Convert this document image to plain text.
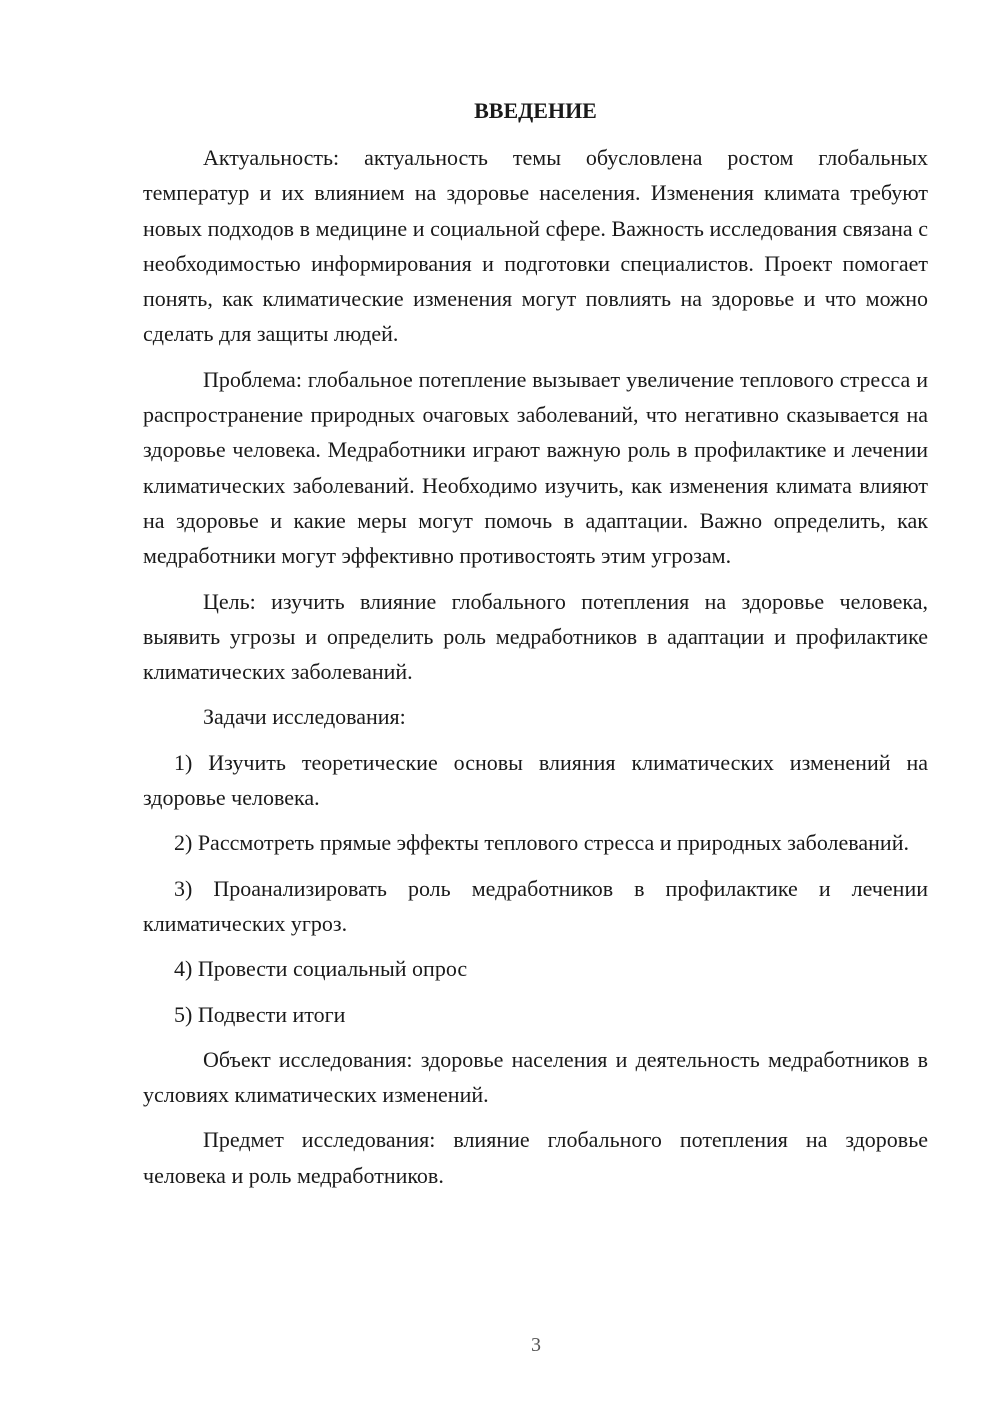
ВВЕДЕНИЕ

Актуальность: актуальность темы обусловлена ростом глобальных температур и их влиянием на здоровье населения. Изменения климата требуют новых подходов в медицине и социальной сфере. Важность исследования связана с необходимостью информирования и подготовки специалистов. Проект помогает понять, как климатические изменения могут повлиять на здоровье и что можно сделать для защиты людей.

Проблема: глобальное потепление вызывает увеличение теплового стресса и распространение природных очаговых заболеваний, что негативно сказывается на здоровье человека. Медработники играют важную роль в профилактике и лечении климатических заболеваний. Необходимо изучить, как изменения климата влияют на здоровье и какие меры могут помочь в адаптации. Важно определить, как медработники могут эффективно противостоять этим угрозам.

Цель: изучить влияние глобального потепления на здоровье человека, выявить угрозы и определить роль медработников в адаптации и профилактике климатических заболеваний.

Задачи исследования:

1) Изучить теоретические основы влияния климатических изменений на здоровье человека.

2) Рассмотреть прямые эффекты теплового стресса и природных заболеваний.

3) Проанализировать роль медработников в профилактике и лечении климатических угроз.

4) Провести социальный опрос

5) Подвести итоги

Объект исследования: здоровье населения и деятельность медработников в условиях климатических изменений.

Предмет исследования: влияние глобального потепления на здоровье человека и роль медработников.

3
